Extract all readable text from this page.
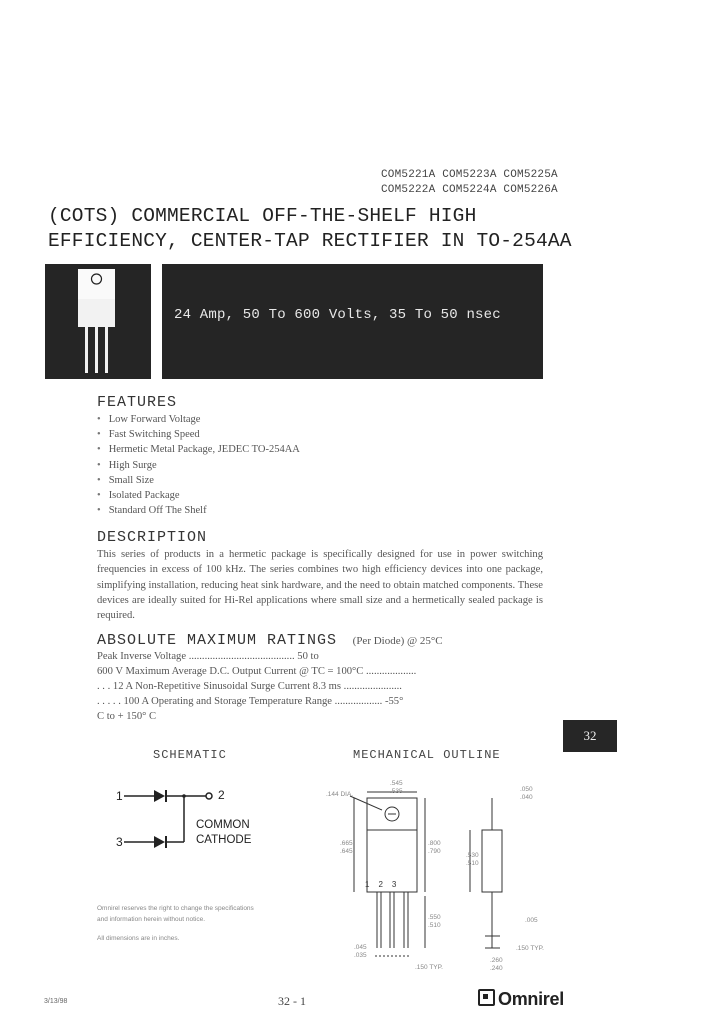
COM5221A COM5223A COM5225A
COM5222A COM5224A COM5226A
(COTS) COMMERCIAL OFF-THE-SHELF HIGH
EFFICIENCY, CENTER-TAP RECTIFIER IN TO-254AA
24 Amp, 50 To 600 Volts, 35 To 50 nsec
FEATURES
• Low Forward Voltage
• Fast Switching Speed
• Hermetic Metal Package, JEDEC TO-254AA
• High Surge
• Small Size
• Isolated Package
• Standard Off The Shelf
DESCRIPTION
This series of products in a hermetic package is specifically designed for use in power switching frequencies in excess of 100 kHz. The series combines two high efficiency devices into one package, simplifying installation, reducing heat sink hardware, and the need to obtain matched components. These devices are ideally suited for Hi-Rel applications where small size and a hermetically sealed package is required.
ABSOLUTE MAXIMUM RATINGS (Per Diode) @ 25°C
Peak Inverse Voltage ........................................ 50 to
600 V Maximum Average D.C. Output Current @ TC = 100°C ...................
. . . 12 A Non-Repetitive Sinusoidal Surge Current 8.3 ms ......................
. . . . . 100 A Operating and Storage Temperature Range .................. -55°
C to + 150° C
32
SCHEMATIC
1	2
3
COMMON
CATHODE
MECHANICAL OUTLINE
123
.144 DIA.
.545
.535
.665
.645
.800
.790
.550
.510
.045
.035
.150 TYP.
.050
.040
.530
.510
.005
.150 TYP.
.260
.240
Omnirel reserves the right to change the specifications
and information herein without notice.
All dimensions are in inches.
3/13/98	32 - 1	Omnirel
